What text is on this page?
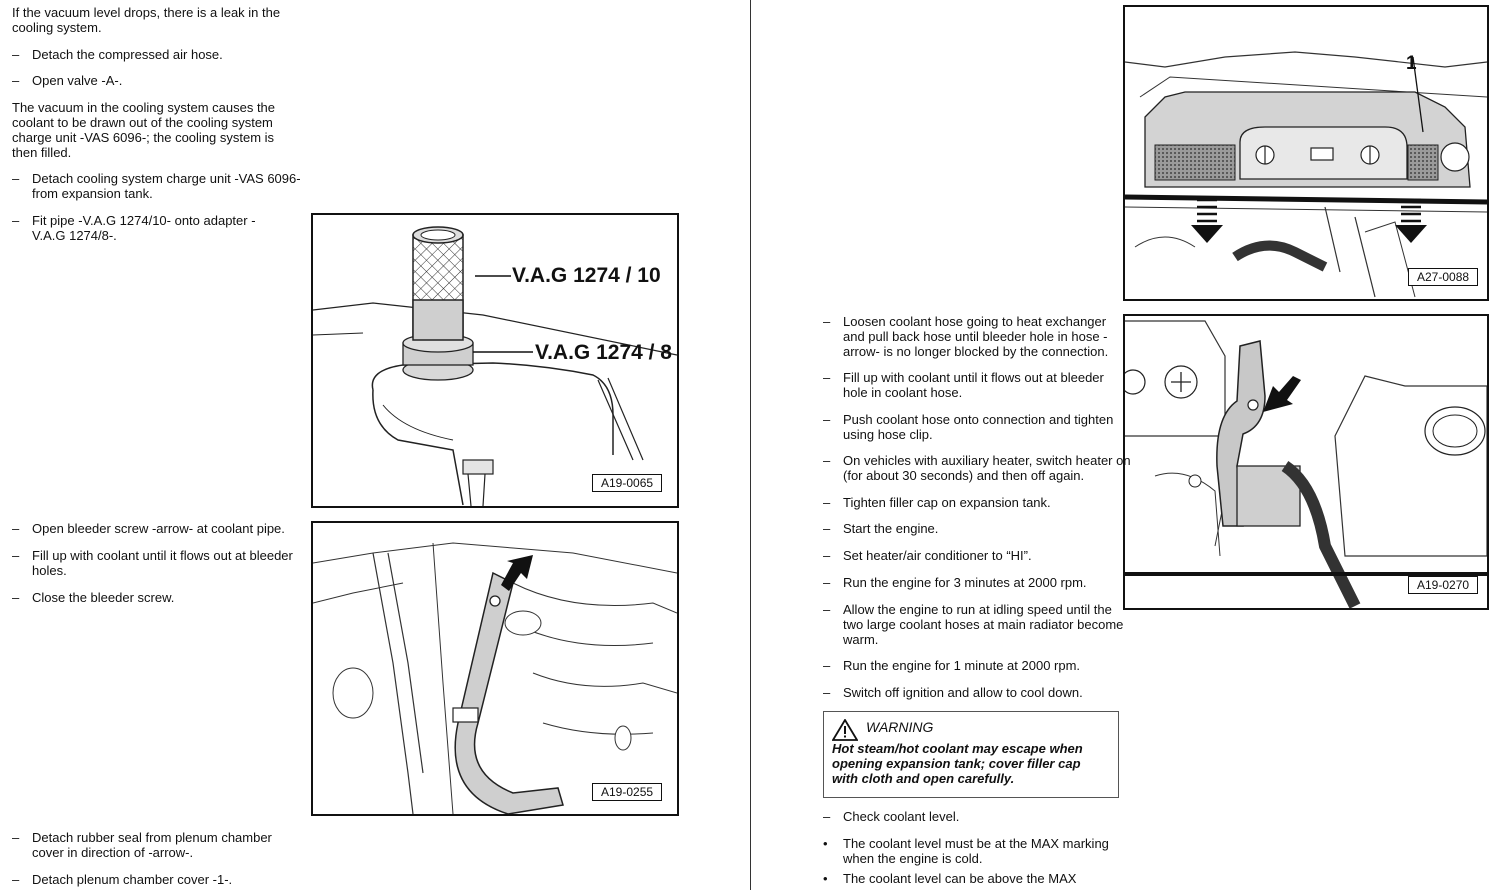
If the vacuum level drops, there is a leak in the cooling system.
– Detach the compressed air hose.
– Open valve -A-.
The vacuum in the cooling system causes the coolant to be drawn out of the cooling system charge unit -VAS 6096-; the cooling system is then filled.
– Detach cooling system charge unit -VAS 6096- from expansion tank.
– Fit pipe -V.A.G 1274/10- onto adapter -V.A.G 1274/8-.
– Open bleeder screw -arrow- at coolant pipe.
– Fill up with coolant until it flows out at bleeder holes.
– Close the bleeder screw.
– Detach rubber seal from plenum chamber cover in direction of -arrow-.
– Detach plenum chamber cover -1-.
V.A.G 1274 / 10
V.A.G 1274 / 8
A19-0065
A19-0255
1
A27-0088
A19-0270
– Loosen coolant hose going to heat exchanger and pull back hose until bleeder hole in hose -arrow- is no longer blocked by the connection.
– Fill up with coolant until it flows out at bleeder hole in coolant hose.
– Push coolant hose onto connection and tighten using hose clip.
– On vehicles with auxiliary heater, switch heater on (for about 30 seconds) and then off again.
– Tighten filler cap on expansion tank.
– Start the engine.
– Set heater/air conditioner to “HI”.
– Run the engine for 3 minutes at 2000 rpm.
– Allow the engine to run at idling speed until the two large coolant hoses at main radiator become warm.
– Run the engine for 1 minute at 2000 rpm.
– Switch off ignition and allow to cool down.
WARNING
Hot steam/hot coolant may escape when opening expansion tank; cover filler cap with cloth and open carefully.
– Check coolant level.
• The coolant level must be at the MAX marking when the engine is cold.
• The coolant level can be above the MAX
